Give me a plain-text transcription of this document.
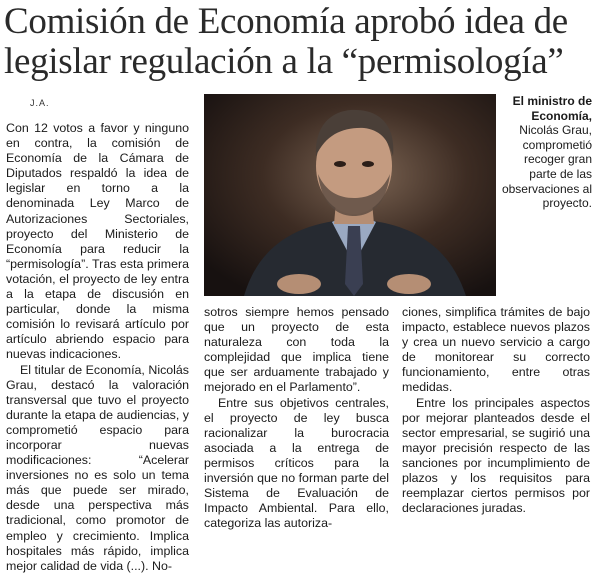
Comisión de Economía aprobó idea de legislar regulación a la “permisología”
J.A.	El ministro de Economía, Nicolás Grau, comprometió recoger gran parte de las observaciones al proyecto.

Con 12 votos a favor y ninguno en contra, la comisión de Economía de la Cámara de Diputados respaldó la idea de legislar en torno a la denominada Ley Marco de Autorizaciones Sectoriales, proyecto del Ministerio de Economía para reducir la “permisología”. Tras esta primera votación, el proyecto de ley entra a la etapa de discusión en particular, donde la misma comisión lo revisará artículo por artículo abriendo espacio para nuevas indicaciones.

El titular de Economía, Nicolás Grau, destacó la valoración transversal que tuvo el proyecto durante la etapa de audiencias, y comprometió espacio para incorporar nuevas modificaciones: “Acelerar inversiones no es solo un tema más que puede ser mirado, desde una perspectiva más tradicional, como promotor de empleo y crecimiento. Implica hospitales más rápido, implica mejor calidad de vida (...). No-

sotros siempre hemos pensado que un proyecto de esta naturaleza con toda la complejidad que implica tiene que ser arduamente trabajado y mejorado en el Parlamento”.

Entre sus objetivos centrales, el proyecto de ley busca racionalizar la burocracia asociada a la entrega de permisos críticos para la inversión que no forman parte del Sistema de Evaluación de Impacto Ambiental. Para ello, categoriza las autoriza-

ciones, simplifica trámites de bajo impacto, establece nuevos plazos y crea un nuevo servicio a cargo de monitorear su correcto funcionamiento, entre otras medidas.

Entre los principales aspectos por mejorar planteados desde el sector empresarial, se sugirió una mayor precisión respecto de las sanciones por incumplimiento de plazos y los requisitos para reemplazar ciertos permisos por declaraciones juradas.
